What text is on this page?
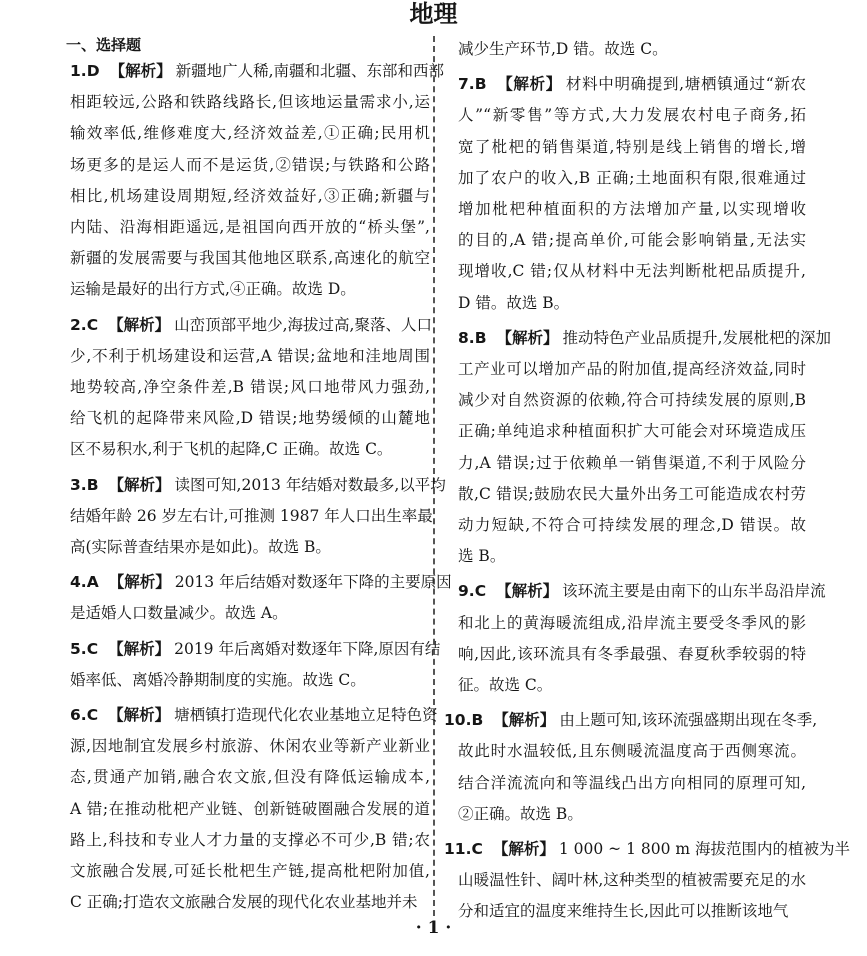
地理
一、选择题
1.D 【解析】 新疆地广人稀,南疆和北疆、东部和西部
相距较远,公路和铁路线路长,但该地运量需求小,运
输效率低,维修难度大,经济效益差,①正确;民用机
场更多的是运人而不是运货,②错误;与铁路和公路
相比,机场建设周期短,经济效益好,③正确;新疆与
内陆、沿海相距遥远,是祖国向西开放的“桥头堡”,
新疆的发展需要与我国其他地区联系,高速化的航空
运输是最好的出行方式,④正确。故选 D。
2.C 【解析】 山峦顶部平地少,海拔过高,聚落、人口
少,不利于机场建设和运营,A 错误;盆地和洼地周围
地势较高,净空条件差,B 错误;风口地带风力强劲,
给飞机的起降带来风险,D 错误;地势缓倾的山麓地
区不易积水,利于飞机的起降,C 正确。故选 C。
3.B 【解析】 读图可知,2013 年结婚对数最多,以平均
结婚年龄 26 岁左右计,可推测 1987 年人口出生率最
高(实际普查结果亦是如此)。故选 B。
4.A 【解析】 2013 年后结婚对数逐年下降的主要原因
是适婚人口数量减少。故选 A。
5.C 【解析】 2019 年后离婚对数逐年下降,原因有结
婚率低、离婚冷静期制度的实施。故选 C。
6.C 【解析】 塘栖镇打造现代化农业基地立足特色资
源,因地制宜发展乡村旅游、休闲农业等新产业新业
态,贯通产加销,融合农文旅,但没有降低运输成本,
A 错;在推动枇杷产业链、创新链破圈融合发展的道
路上,科技和专业人才力量的支撑必不可少,B 错;农
文旅融合发展,可延长枇杷生产链,提高枇杷附加值,
C 正确;打造农文旅融合发展的现代化农业基地并未
减少生产环节,D 错。故选 C。
7.B 【解析】 材料中明确提到,塘栖镇通过“新农
人”“新零售”等方式,大力发展农村电子商务,拓
宽了枇杷的销售渠道,特别是线上销售的增长,增
加了农户的收入,B 正确;土地面积有限,很难通过
增加枇杷种植面积的方法增加产量,以实现增收
的目的,A 错;提高单价,可能会影响销量,无法实
现增收,C 错;仅从材料中无法判断枇杷品质提升,
D 错。故选 B。
8.B 【解析】 推动特色产业品质提升,发展枇杷的深加
工产业可以增加产品的附加值,提高经济效益,同时
减少对自然资源的依赖,符合可持续发展的原则,B
正确;单纯追求种植面积扩大可能会对环境造成压
力,A 错误;过于依赖单一销售渠道,不利于风险分
散,C 错误;鼓励农民大量外出务工可能造成农村劳
动力短缺,不符合可持续发展的理念,D 错误。故
选 B。
9.C 【解析】 该环流主要是由南下的山东半岛沿岸流
和北上的黄海暖流组成,沿岸流主要受冬季风的影
响,因此,该环流具有冬季最强、春夏秋季较弱的特
征。故选 C。
10.B 【解析】 由上题可知,该环流强盛期出现在冬季,
故此时水温较低,且东侧暖流温度高于西侧寒流。
结合洋流流向和等温线凸出方向相同的原理可知,
②正确。故选 B。
11.C 【解析】 1 000 ~ 1 800 m 海拔范围内的植被为半
山暖温性针、阔叶林,这种类型的植被需要充足的水
分和适宜的温度来维持生长,因此可以推断该地气
· 1 ·
